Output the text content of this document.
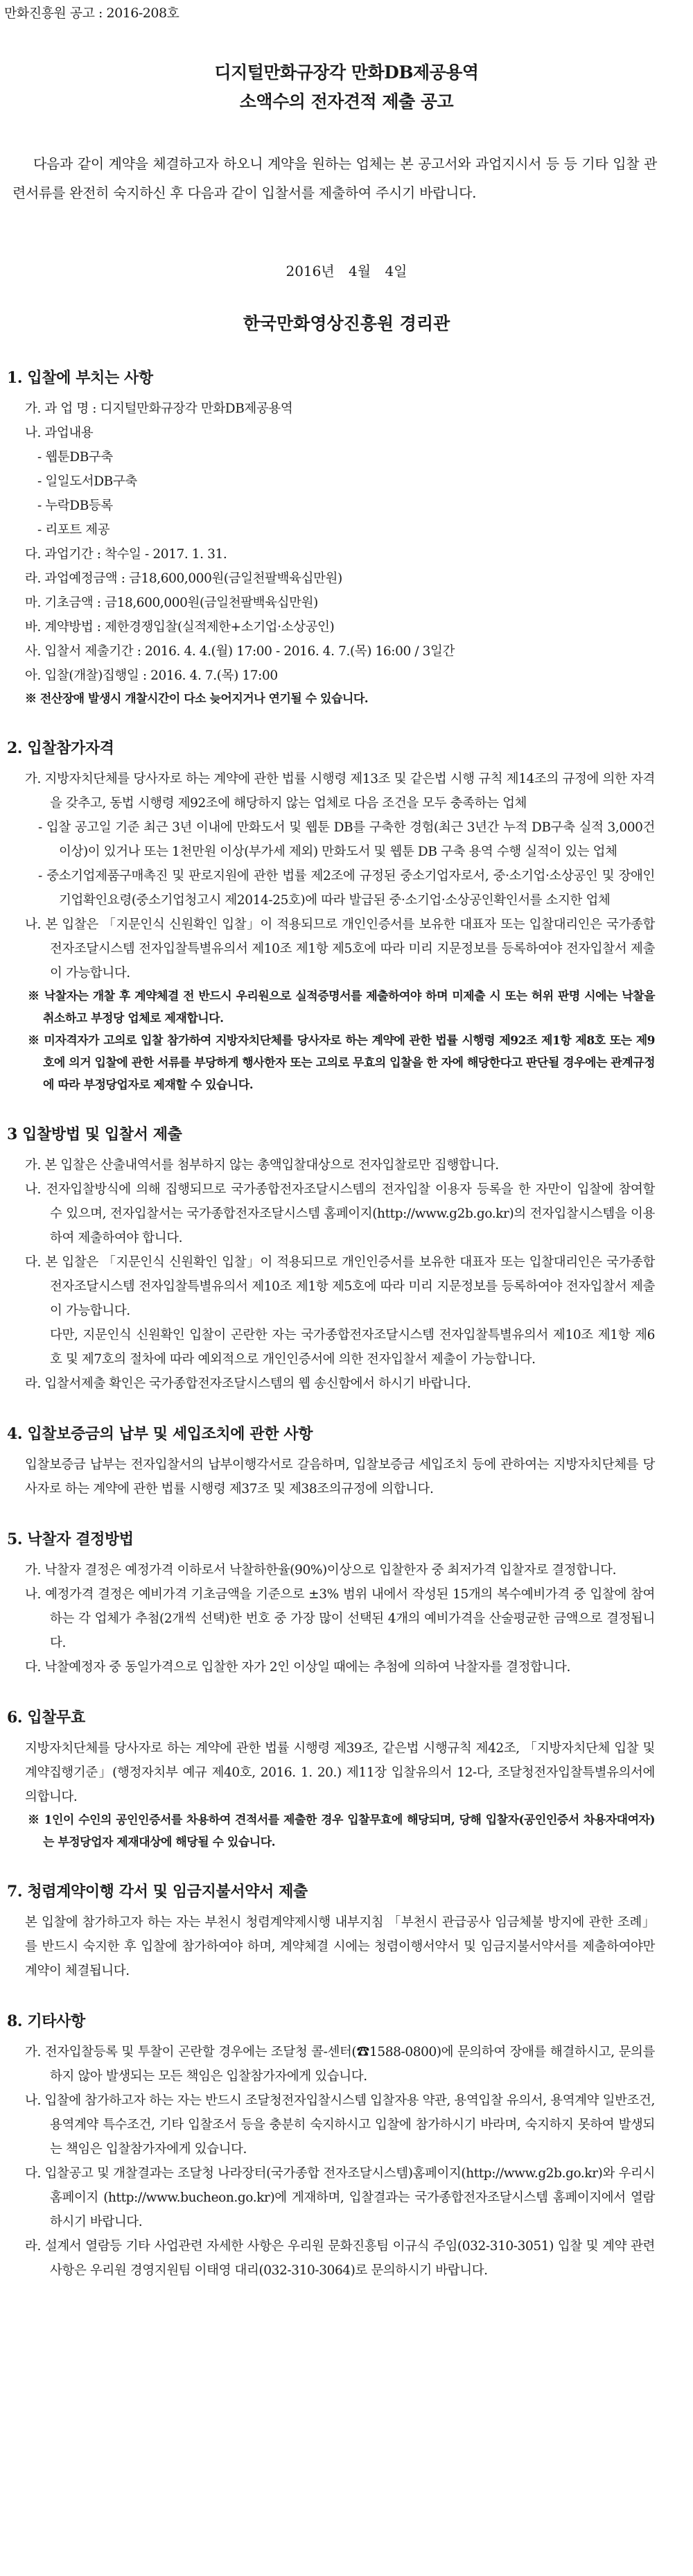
만화진흥원 공고 : 2016-208호
디지털만화규장각 만화DB제공용역
소액수의 전자견적 제출 공고
다음과 같이 계약을 체결하고자 하오니 계약을 원하는 업체는 본 공고서와 과업지시서 등 등 기타 입찰 관련서류를 완전히 숙지하신 후 다음과 같이 입찰서를 제출하여 주시기 바랍니다.
2016년 4월 4일
한국만화영상진흥원 경리관
1. 입찰에 부치는 사항
가. 과 업 명 : 디지털만화규장각 만화DB제공용역
나. 과업내용
- 웹툰DB구축
- 일일도서DB구축
- 누락DB등록
- 리포트 제공
다. 과업기간 : 착수일 - 2017. 1. 31.
라. 과업예정금액 : 금18,600,000원(금일천팔백육십만원)
마. 기초금액 : 금18,600,000원(금일천팔백육십만원)
바. 계약방법 : 제한경쟁입찰(실적제한+소기업·소상공인)
사. 입찰서 제출기간 : 2016. 4. 4.(월) 17:00 - 2016. 4. 7.(목) 16:00 / 3일간
아. 입찰(개찰)집행일 : 2016. 4. 7.(목) 17:00
※ 전산장애 발생시 개찰시간이 다소 늦어지거나 연기될 수 있습니다.
2. 입찰참가자격
가. 지방자치단체를 당사자로 하는 계약에 관한 법률 시행령 제13조 및 같은법 시행 규칙 제14조의 규정에 의한 자격을 갖추고, 동법 시행령 제92조에 해당하지 않는 업체로 다음 조건을 모두 충족하는 업체
- 입찰 공고일 기준 최근 3년 이내에 만화도서 및 웹툰 DB를 구축한 경험(최근 3년간 누적 DB구축 실적 3,000건 이상)이 있거나 또는 1천만원 이상(부가세 제외) 만화도서 및 웹툰 DB 구축 용역 수행 실적이 있는 업체
- 중소기업제품구매촉진 및 판로지원에 관한 법률 제2조에 규정된 중소기업자로서, 중·소기업·소상공인 및 장애인기업확인요령(중소기업청고시 제2014-25호)에 따라 발급된 중·소기업·소상공인확인서를 소지한 업체
나. 본 입찰은 「지문인식 신원확인 입찰」이 적용되므로 개인인증서를 보유한 대표자 또는 입찰대리인은 국가종합전자조달시스템 전자입찰특별유의서 제10조 제1항 제5호에 따라 미리 지문정보를 등록하여야 전자입찰서 제출이 가능합니다.
※ 낙찰자는 개찰 후 계약체결 전 반드시 우리원으로 실적증명서를 제출하여야 하며 미제출 시 또는 허위 판명 시에는 낙찰을 취소하고 부정당 업체로 제재합니다.
※ 미자격자가 고의로 입찰 참가하여 지방자치단체를 당사자로 하는 계약에 관한 법률 시행령 제92조 제1항 제8호 또는 제9호에 의거 입찰에 관한 서류를 부당하게 행사한자 또는 고의로 무효의 입찰을 한 자에 해당한다고 판단될 경우에는 관계규정에 따라 부정당업자로 제재할 수 있습니다.
3 입찰방법 및 입찰서 제출
가. 본 입찰은 산출내역서를 첨부하지 않는 총액입찰대상으로 전자입찰로만 집행합니다.
나. 전자입찰방식에 의해 집행되므로 국가종합전자조달시스템의 전자입찰 이용자 등록을 한 자만이 입찰에 참여할 수 있으며, 전자입찰서는 국가종합전자조달시스템 홈페이지(http://www.g2b.go.kr)의 전자입찰시스템을 이용하여 제출하여야 합니다.
다. 본 입찰은 「지문인식 신원확인 입찰」이 적용되므로 개인인증서를 보유한 대표자 또는 입찰대리인은 국가종합전자조달시스템 전자입찰특별유의서 제10조 제1항 제5호에 따라 미리 지문정보를 등록하여야 전자입찰서 제출이 가능합니다.
다만, 지문인식 신원확인 입찰이 곤란한 자는 국가종합전자조달시스템 전자입찰특별유의서 제10조 제1항 제6호 및 제7호의 절차에 따라 예외적으로 개인인증서에 의한 전자입찰서 제출이 가능합니다.
라. 입찰서제출 확인은 국가종합전자조달시스템의 웹 송신함에서 하시기 바랍니다.
4. 입찰보증금의 납부 및 세입조치에 관한 사항
입찰보증금 납부는 전자입찰서의 납부이행각서로 갈음하며, 입찰보증금 세입조치 등에 관하여는 지방자치단체를 당사자로 하는 계약에 관한 법률 시행령 제37조 및 제38조의규정에 의합니다.
5. 낙찰자 결정방법
가. 낙찰자 결정은 예정가격 이하로서 낙찰하한율(90%)이상으로 입찰한자 중 최저가격 입찰자로 결정합니다.
나. 예정가격 결정은 예비가격 기초금액을 기준으로 ±3% 범위 내에서 작성된 15개의 복수예비가격 중 입찰에 참여하는 각 업체가 추첨(2개씩 선택)한 번호 중 가장 많이 선택된 4개의 예비가격을 산술평균한 금액으로 결정됩니다.
다. 낙찰예정자 중 동일가격으로 입찰한 자가 2인 이상일 때에는 추첨에 의하여 낙찰자를 결정합니다.
6. 입찰무효
지방자치단체를 당사자로 하는 계약에 관한 법률 시행령 제39조, 같은법 시행규칙 제42조, 「지방자치단체 입찰 및 계약집행기준」(행정자치부 예규 제40호, 2016. 1. 20.) 제11장 입찰유의서 12-다, 조달청전자입찰특별유의서에 의합니다.
※ 1인이 수인의 공인인증서를 차용하여 견적서를 제출한 경우 입찰무효에 해당되며, 당해 입찰자(공인인증서 차용자대여자)는 부정당업자 제재대상에 해당될 수 있습니다.
7. 청렴계약이행 각서 및 임금지불서약서 제출
본 입찰에 참가하고자 하는 자는 부천시 청렴계약제시행 내부지침 「부천시 관급공사 임금체불 방지에 관한 조례」를 반드시 숙지한 후 입찰에 참가하여야 하며, 계약체결 시에는 청렴이행서약서 및 임금지불서약서를 제출하여야만 계약이 체결됩니다.
8. 기타사항
가. 전자입찰등록 및 투찰이 곤란할 경우에는 조달청 콜-센터(☎1588-0800)에 문의하여 장애를 해결하시고, 문의를 하지 않아 발생되는 모든 책임은 입찰참가자에게 있습니다.
나. 입찰에 참가하고자 하는 자는 반드시 조달청전자입찰시스템 입찰자용 약관, 용역입찰 유의서, 용역계약 일반조건, 용역계약 특수조건, 기타 입찰조서 등을 충분히 숙지하시고 입찰에 참가하시기 바라며, 숙지하지 못하여 발생되는 책임은 입찰참가자에게 있습니다.
다. 입찰공고 및 개찰결과는 조달청 나라장터(국가종합 전자조달시스템)홈페이지(http://www.g2b.go.kr)와 우리시 홈페이지 (http://www.bucheon.go.kr)에 게재하며, 입찰결과는 국가종합전자조달시스템 홈페이지에서 열람하시기 바랍니다.
라. 설계서 열람등 기타 사업관련 자세한 사항은 우리원 문화진흥팀 이규식 주임(032-310-3051) 입찰 및 계약 관련사항은 우리원 경영지원팀 이태영 대리(032-310-3064)로 문의하시기 바랍니다.
